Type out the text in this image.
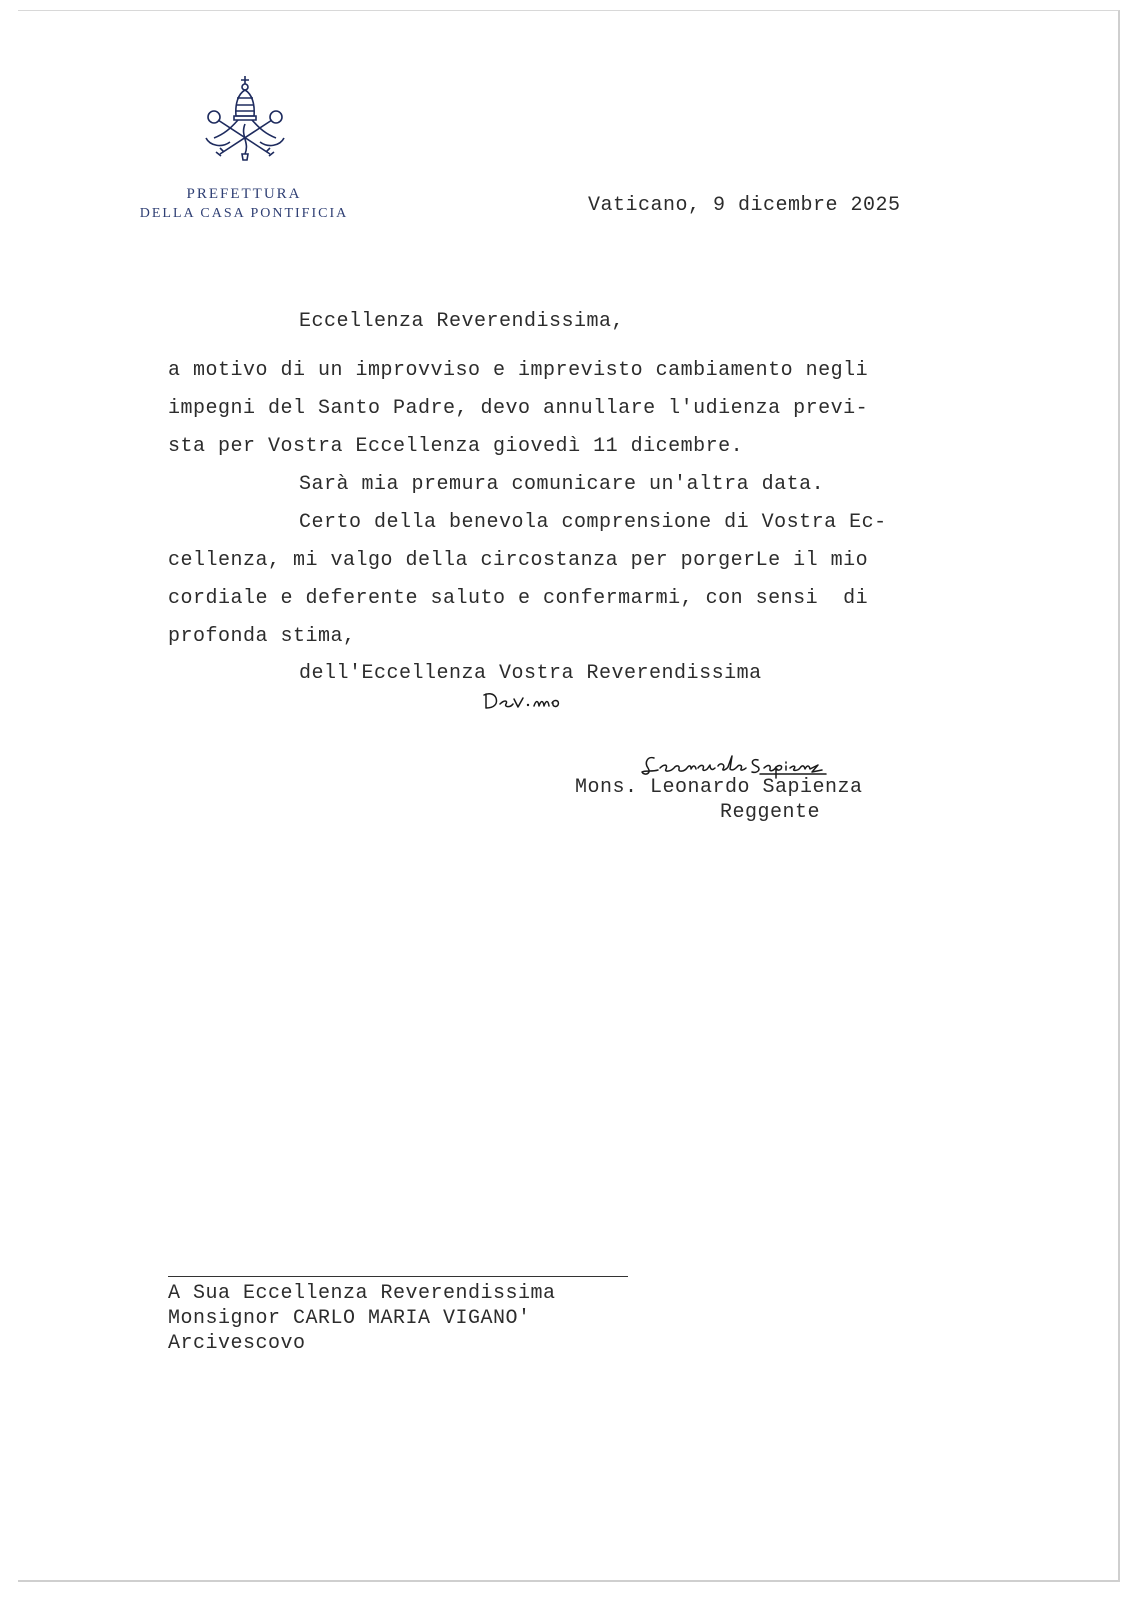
PREFETTURA
DELLA CASA PONTIFICIA	Vaticano, 9 dicembre 2025
Eccellenza Reverendissima,
a motivo di un improvviso e imprevisto cambiamento negli
impegni del Santo Padre, devo annullare l'udienza previ-
sta per Vostra Eccellenza giovedì 11 dicembre.
Sarà mia premura comunicare un'altra data.
Certo della benevola comprensione di Vostra Ec-
cellenza, mi valgo della circostanza per porgerLe il mio
cordiale e deferente saluto e confermarmi, con sensi  di
profonda stima,
dell'Eccellenza Vostra Reverendissima
Mons. Leonardo Sapienza
Reggente
A Sua Eccellenza Reverendissima
Monsignor CARLO MARIA VIGANO'
Arcivescovo
